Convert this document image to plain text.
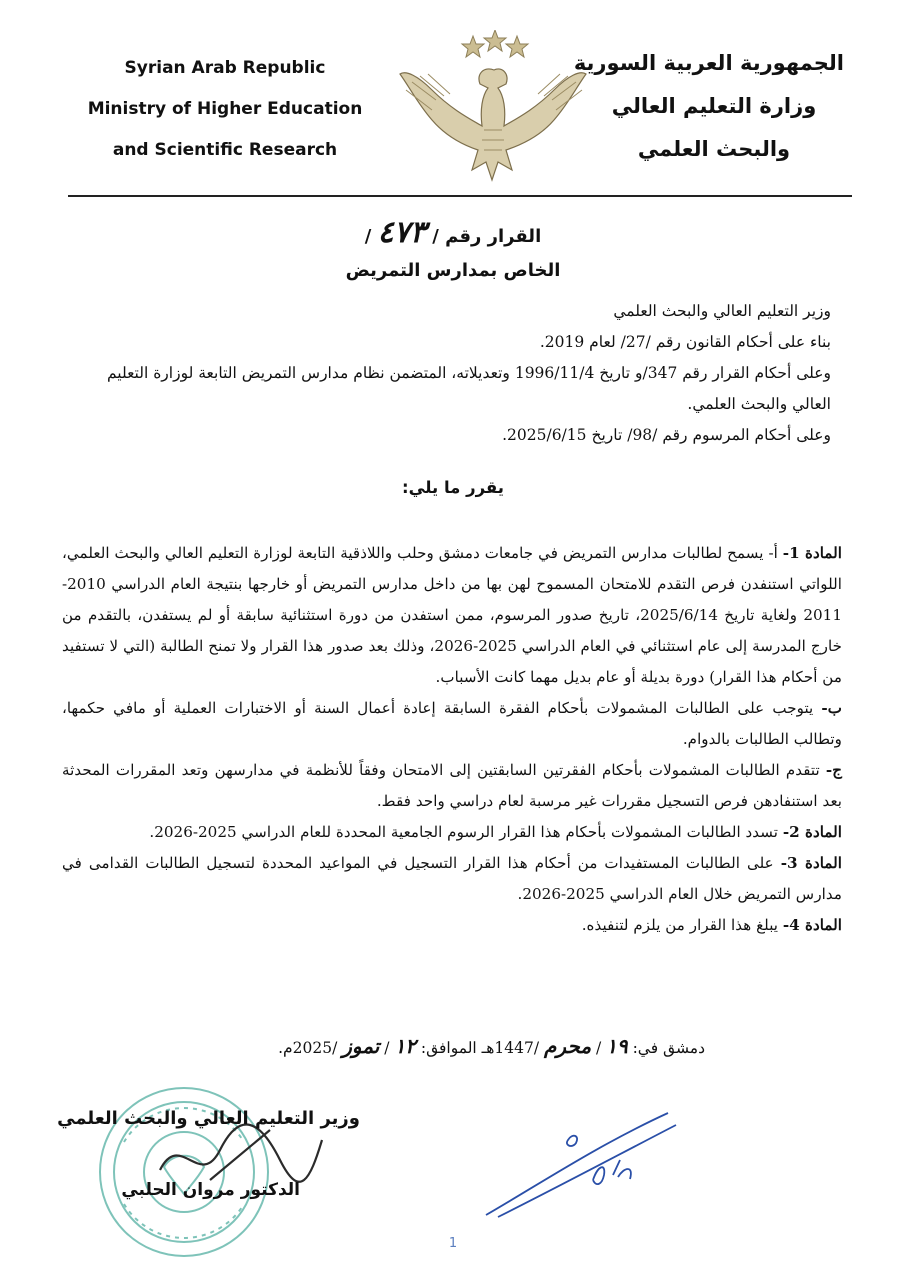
Syrian Arab Republic
Ministry of Higher Education
and Scientific Research
الجمهورية العربية السورية
وزارة التعليم العالي
والبحث العلمي
القرار رقم / ٤٧٣ /
الخاص بمدارس التمريض

وزير التعليم العالي والبحث العلمي

بناء على أحكام القانون رقم /27/ لعام 2019.

وعلى أحكام القرار رقم 347/و تاريخ 1996/11/4 وتعديلاته، المتضمن نظام مدارس التمريض التابعة لوزارة التعليم العالي والبحث العلمي.

وعلى أحكام المرسوم رقم /98/ تاريخ 2025/6/15.

يقرر ما يلي:

المادة 1- أ- يسمح لطالبات مدارس التمريض في جامعات دمشق وحلب واللاذقية التابعة لوزارة التعليم العالي والبحث العلمي، اللواتي استنفدن فرص التقدم للامتحان المسموح لهن بها من داخل مدارس التمريض أو خارجها بنتيجة العام الدراسي 2010-2011 ولغاية تاريخ 2025/6/14، تاريخ صدور المرسوم، ممن استفدن من دورة استثنائية سابقة أو لم يستفدن، بالتقدم من خارج المدرسة إلى عام استثنائي في العام الدراسي 2025-2026، وذلك بعد صدور هذا القرار ولا تمنح الطالبة (التي لا تستفيد من أحكام هذا القرار) دورة بديلة أو عام بديل مهما كانت الأسباب.

ب- يتوجب على الطالبات المشمولات بأحكام الفقرة السابقة إعادة أعمال السنة أو الاختبارات العملية أو مافي حكمها، وتطالب الطالبات بالدوام.

ج- تتقدم الطالبات المشمولات بأحكام الفقرتين السابقتين إلى الامتحان وفقاً للأنظمة في مدارسهن وتعد المقررات المحدثة بعد استنفادهن فرص التسجيل مقررات غير مرسبة لعام دراسي واحد فقط.

المادة 2- تسدد الطالبات المشمولات بأحكام هذا القرار الرسوم الجامعية المحددة للعام الدراسي 2025-2026.

المادة 3- على الطالبات المستفيدات من أحكام هذا القرار التسجيل في المواعيد المحددة لتسجيل الطالبات القدامى في مدارس التمريض خلال العام الدراسي 2025-2026.

المادة 4- يبلغ هذا القرار من يلزم لتنفيذه.

دمشق في: ١٩ / محرم /1447هـ الموافق: ١٢ / تموز /2025م.
وزير التعليم العالي والبحث العلمي
الدكتور مروان الحلبي
1
